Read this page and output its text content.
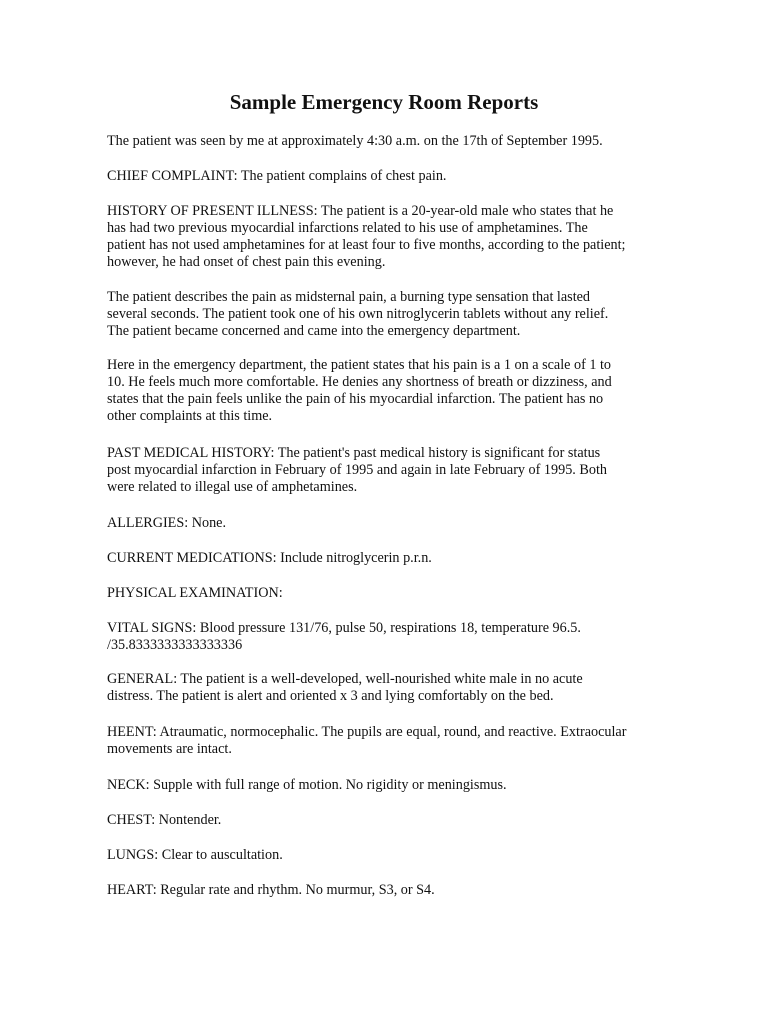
Sample Emergency Room Reports

The patient was seen by me at approximately 4:30 a.m. on the 17th of September 1995.

CHIEF COMPLAINT: The patient complains of chest pain.

HISTORY OF PRESENT ILLNESS: The patient is a 20-year-old male who states that he
has had two previous myocardial infarctions related to his use of amphetamines. The
patient has not used amphetamines for at least four to five months, according to the patient;
however, he had onset of chest pain this evening.

The patient describes the pain as midsternal pain, a burning type sensation that lasted
several seconds. The patient took one of his own nitroglycerin tablets without any relief.
The patient became concerned and came into the emergency department.

Here in the emergency department, the patient states that his pain is a 1 on a scale of 1 to
10. He feels much more comfortable. He denies any shortness of breath or dizziness, and
states that the pain feels unlike the pain of his myocardial infarction. The patient has no
other complaints at this time.

PAST MEDICAL HISTORY: The patient's past medical history is significant for status
post myocardial infarction in February of 1995 and again in late February of 1995. Both
were related to illegal use of amphetamines.

ALLERGIES: None.

CURRENT MEDICATIONS: Include nitroglycerin p.r.n.

PHYSICAL EXAMINATION:

VITAL SIGNS: Blood pressure 131/76, pulse 50, respirations 18, temperature 96.5.
/35.8333333333333336

GENERAL: The patient is a well-developed, well-nourished white male in no acute
distress. The patient is alert and oriented x 3 and lying comfortably on the bed.

HEENT: Atraumatic, normocephalic. The pupils are equal, round, and reactive. Extraocular
movements are intact.

NECK: Supple with full range of motion. No rigidity or meningismus.

CHEST: Nontender.

LUNGS: Clear to auscultation.

HEART: Regular rate and rhythm. No murmur, S3, or S4.
